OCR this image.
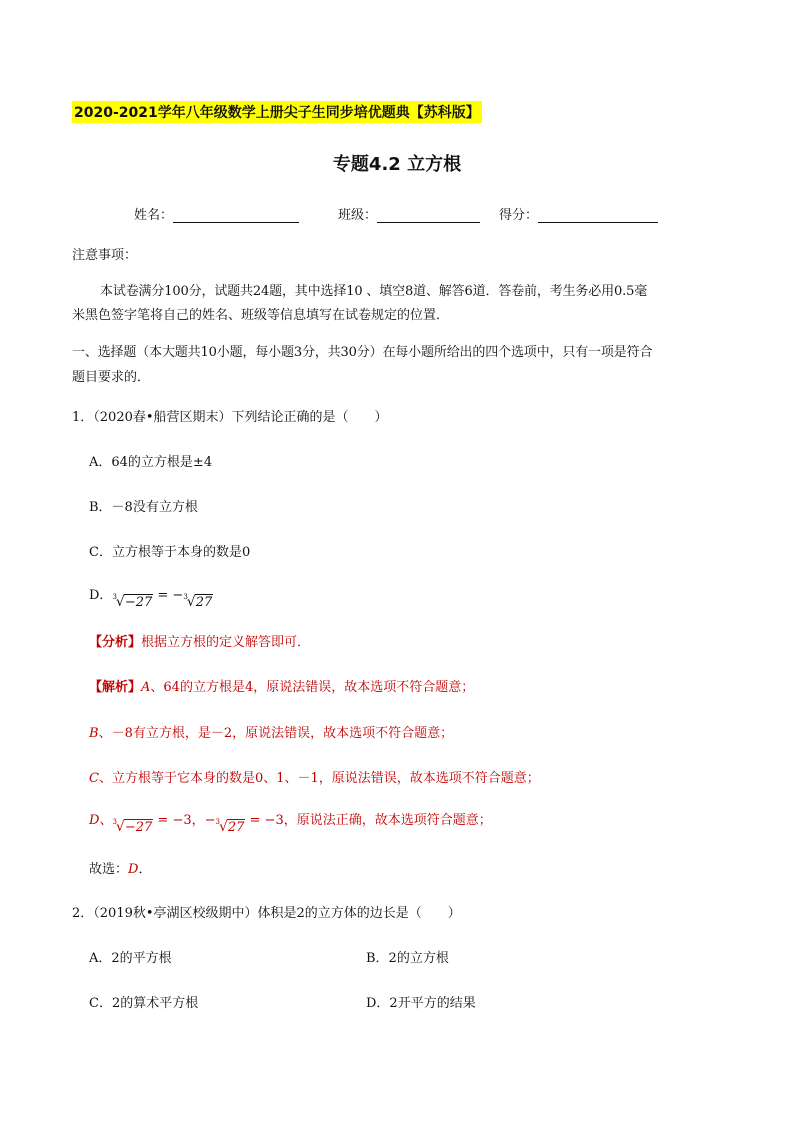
2020-2021学年八年级数学上册尖子生同步培优题典【苏科版】
专题4.2 立方根
姓名：	班级：	得分：
注意事项：
本试卷满分100分，试题共24题，其中选择10 、填空8道、解答6道．答卷前，考生务必用0.5毫
米黑色签字笔将自己的姓名、班级等信息填写在试卷规定的位置．
一、选择题（本大题共10小题，每小题3分，共30分）在每小题所给出的四个选项中，只有一项是符合
题目要求的．
1．（2020春•船营区期末）下列结论正确的是（　　）
A．64的立方根是±4
B．－8没有立方根
C．立方根等于本身的数是0
D． 3 √ −27 = − 3 √ 27
【分析】根据立方根的定义解答即可．
【解析】A、64的立方根是4，原说法错误，故本选项不符合题意；
B、－8有立方根，是－2，原说法错误，故本选项不符合题意；
C、立方根等于它本身的数是0、1、－1，原说法错误，故本选项不符合题意；
D、 3 √ −27 = −3，− 3 √ 27 = −3，原说法正确，故本选项符合题意；
故选：D．
2．（2019秋•亭湖区校级期中）体积是2的立方体的边长是（　　）
A．2的平方根	B．2的立方根
C．2的算术平方根	D．2开平方的结果
